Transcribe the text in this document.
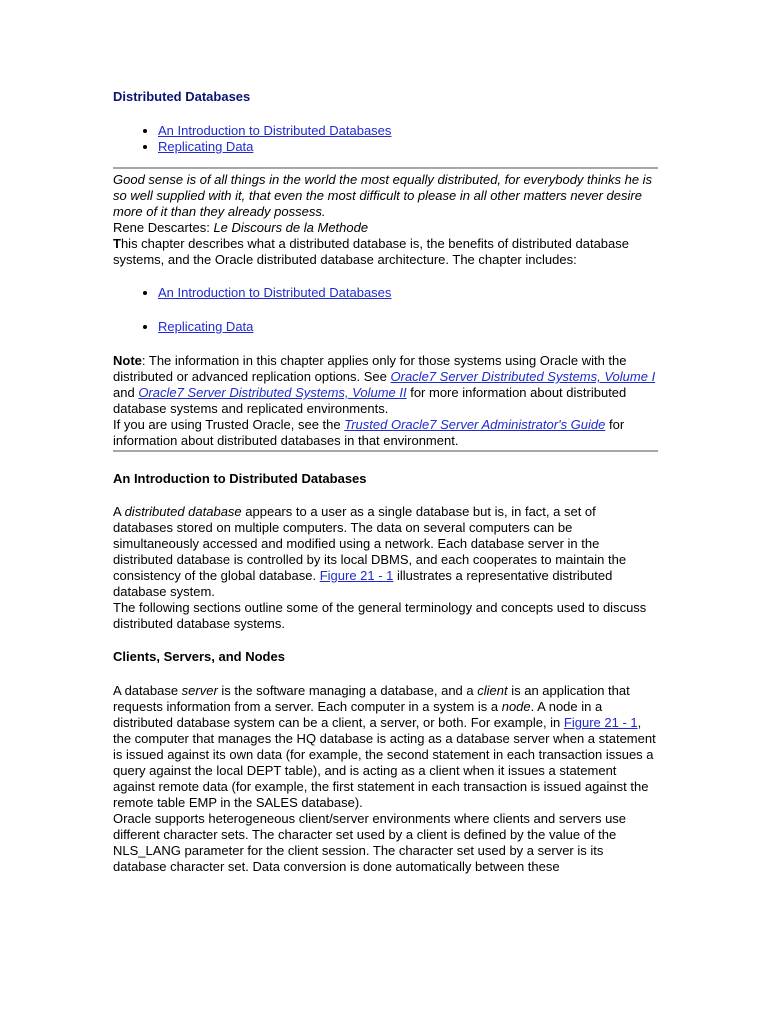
Distributed Databases
• An Introduction to Distributed Databases
• Replicating Data

Good sense is of all things in the world the most equally distributed, for everybody thinks he is so well supplied with it, that even the most difficult to please in all other matters never desire more of it than they already possess.

Rene Descartes: Le Discours de la Methode

This chapter describes what a distributed database is, the benefits of distributed database systems, and the Oracle distributed database architecture. The chapter includes:

• An Introduction to Distributed Databases
• Replicating Data

Note: The information in this chapter applies only for those systems using Oracle with the distributed or advanced replication options. See Oracle7 Server Distributed Systems, Volume I and Oracle7 Server Distributed Systems, Volume II for more information about distributed database systems and replicated environments.

If you are using Trusted Oracle, see the Trusted Oracle7 Server Administrator's Guide for information about distributed databases in that environment.

An Introduction to Distributed Databases

A distributed database appears to a user as a single database but is, in fact, a set of databases stored on multiple computers. The data on several computers can be simultaneously accessed and modified using a network. Each database server in the distributed database is controlled by its local DBMS, and each cooperates to maintain the consistency of the global database. Figure 21 - 1 illustrates a representative distributed database system.

The following sections outline some of the general terminology and concepts used to discuss distributed database systems.

Clients, Servers, and Nodes

A database server is the software managing a database, and a client is an application that requests information from a server. Each computer in a system is a node. A node in a distributed database system can be a client, a server, or both. For example, in Figure 21 - 1, the computer that manages the HQ database is acting as a database server when a statement is issued against its own data (for example, the second statement in each transaction issues a query against the local DEPT table), and is acting as a client when it issues a statement against remote data (for example, the first statement in each transaction is issued against the remote table EMP in the SALES database).

Oracle supports heterogeneous client/server environments where clients and servers use different character sets. The character set used by a client is defined by the value of the NLS_LANG parameter for the client session. The character set used by a server is its database character set. Data conversion is done automatically between these
